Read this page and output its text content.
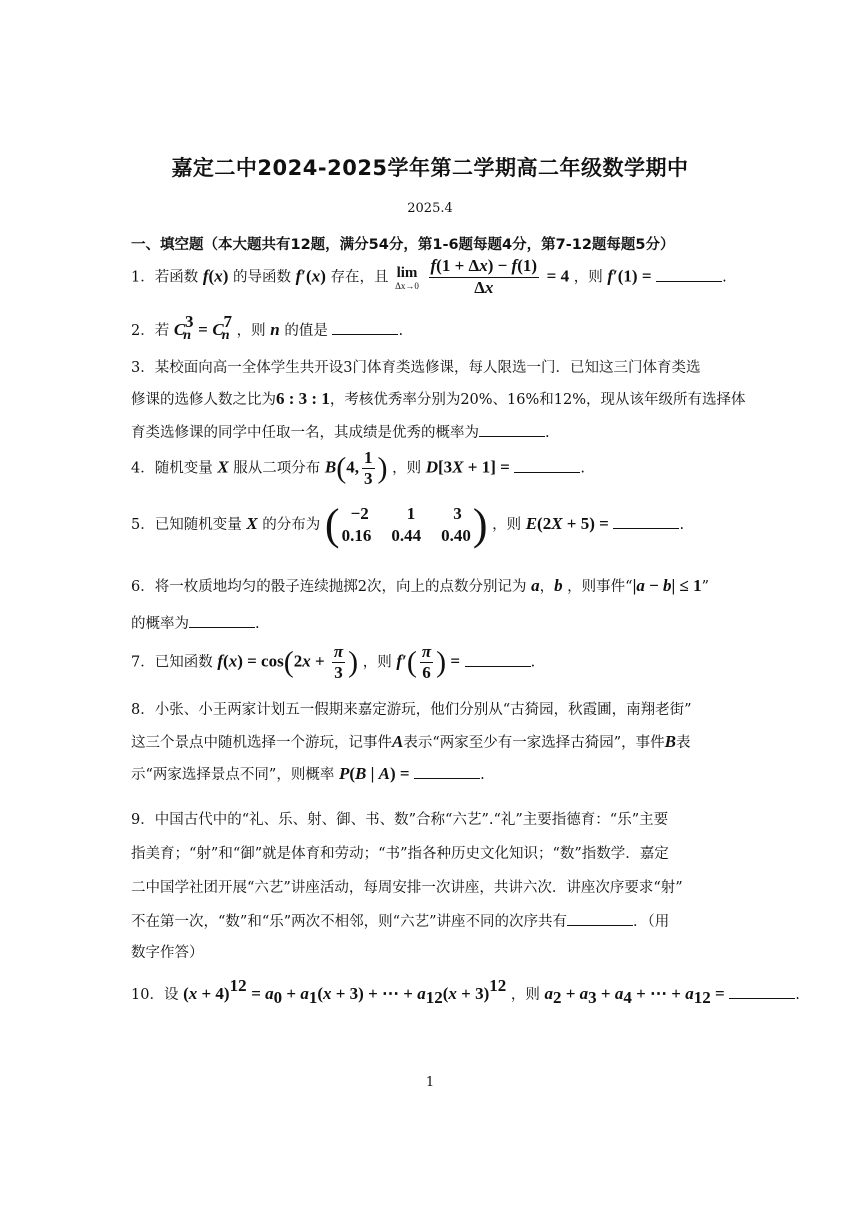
嘉定二中2024-2025学年第二学期高二年级数学期中
2025.4
一、填空题（本大题共有12题，满分54分，第1-6题每题4分，第7-12题每题5分）
1．若函数 f(x) 的导函数 f′(x) 存在，且 lim
Δx→0
$\frac{f(1 + \Delta x) - f(1)}{\Delta x} = 4$ ，则 f′(1) =	.
2．若 $C_n^3 = C_n^7$ ，则 n 的值是	.
3．某校面向高一全体学生共开设3门体育类选修课，每人限选一门．已知这三门体育类选
修课的选修人数之比为6 : 3 : 1，考核优秀率分别为20%、16%和12%，现从该年级所有选择体
育类选修课的同学中任取一名，其成绩是优秀的概率为	.
4．随机变量 X 服从二项分布 B(4, $\frac{1}{3}$ ) ，则 D[3X + 1] =	.
5．已知随机变量 X 的分布为 ( −2 1 3
0.16 0.44 0.40 ) ，则 E(2X + 5) =	.
6．将一枚质地均匀的骰子连续抛掷2次，向上的点数分别记为 a，b ，则事件“|a − b| ≤ 1”
的概率为	.
7．已知函数 $f(x) = \cos(2x + \frac{\pi}{3}$ ) ，则 $f'( \frac{\pi}{6}$ ) =	.
8．小张、小王两家计划五一假期来嘉定游玩，他们分别从“古猗园，秋霞圃，南翔老街”
这三个景点中随机选择一个游玩，记事件A表示“两家至少有一家选择古猗园”，事件B表
示“两家选择景点不同”，则概率 P(B | A) =	.
9．中国古代中的“礼、乐、射、御、书、数”合称“六艺”.“礼”主要指德育：“乐”主要
指美育；“射”和“御”就是体育和劳动；“书”指各种历史文化知识；“数”指数学．嘉定
二中国学社团开展“六艺”讲座活动，每周安排一次讲座，共讲六次．讲座次序要求“射”
不在第一次，“数”和“乐”两次不相邻，则“六艺”讲座不同的次序共有	．（用
数字作答）
10．设 $(x + 4)^{12} = a_0 + a_1(x + 3)$ + ⋯ + $a_{12}(x + 3)^{12}$ ，则 $a_2 + a_3 + a_4$ + ⋯ + $a_{12}$ =	.
1
